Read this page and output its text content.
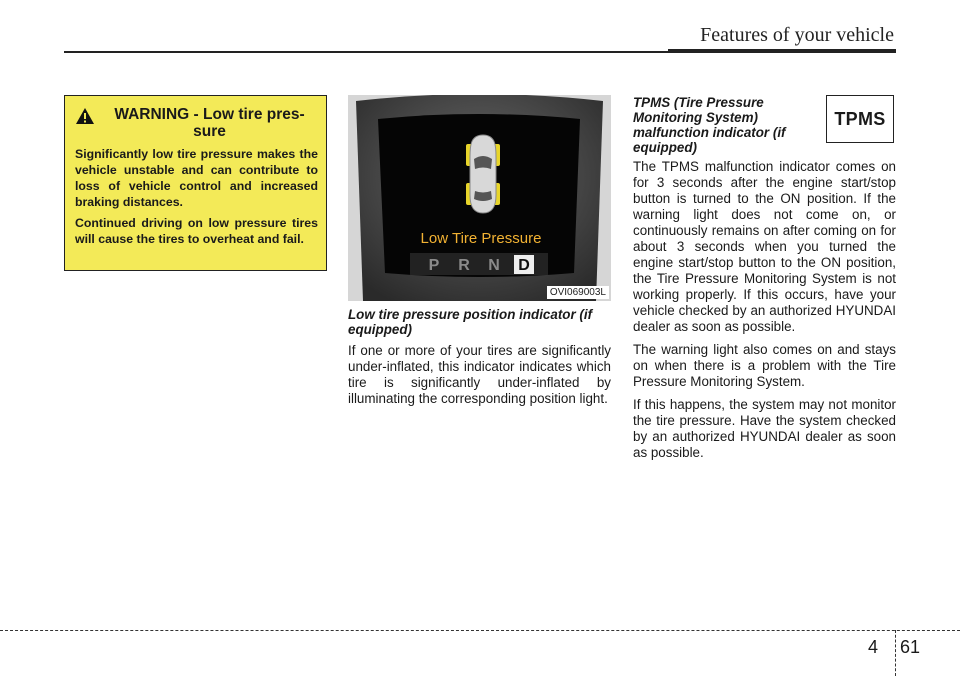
Features of your vehicle
WARNING - Low tire pres-sure

Significantly low tire pressure makes the vehicle unstable and can contribute to loss of vehicle control and increased braking distances.

Continued driving on low pressure tires will cause the tires to overheat and fail.	Low Tire Pressure
P R N D
OVI069003L
Low tire pressure position indicator (if equipped)

If one or more of your tires are significantly under-inflated, this indicator indicates which tire is significantly under-inflated by illuminating the corresponding position light.

TPMS (Tire Pressure Monitoring System) malfunction indicator (if equipped)

The TPMS malfunction indicator comes on for 3 seconds after the engine start/stop button is turned to the ON position. If the warning light does not come on, or continuously remains on after coming on for about 3 seconds when you turned the engine start/stop button to the ON position, the Tire Pressure Monitoring System is not working properly. If this occurs, have your vehicle checked by an authorized HYUNDAI dealer as soon as possible.

The warning light also comes on and stays on when there is a problem with the Tire Pressure Monitoring System.

If this happens, the system may not monitor the tire pressure. Have the system checked by an authorized HYUNDAI dealer as soon as possible.

TPMS
4 61
